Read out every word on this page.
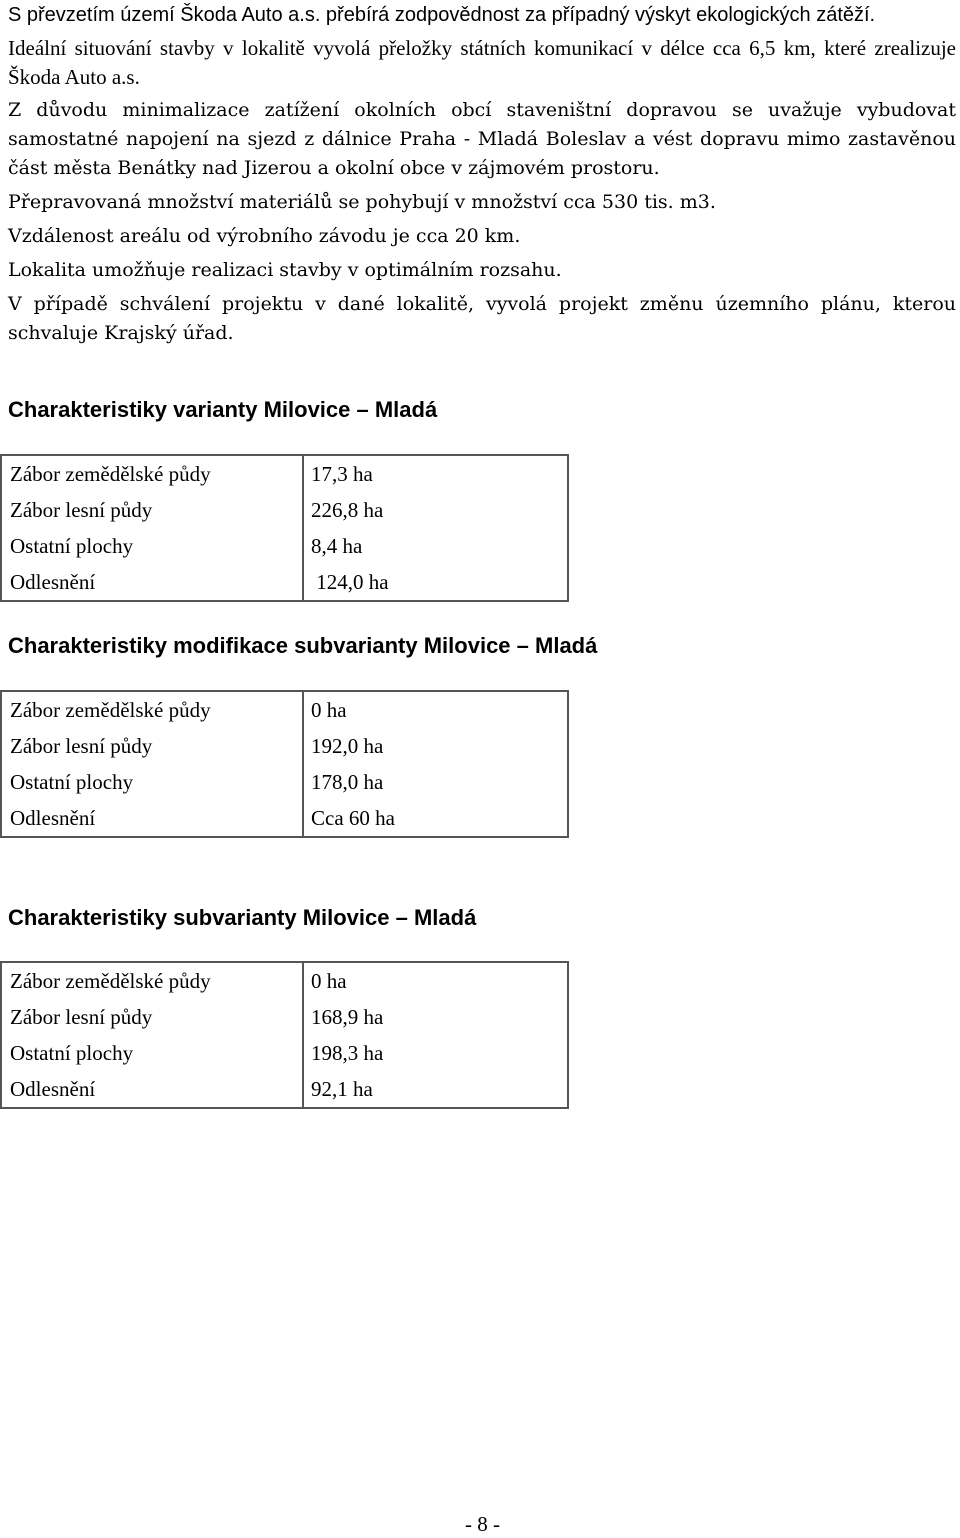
S převzetím území Škoda Auto a.s. přebírá zodpovědnost za případný výskyt ekologických zátěží.

Ideální situování stavby v lokalitě vyvolá přeložky státních komunikací v délce cca 6,5 km, které zrealizuje Škoda Auto a.s.

Z důvodu minimalizace zatížení okolních obcí staveništní dopravou se uvažuje vybudovat samostatné napojení na sjezd z dálnice Praha - Mladá Boleslav a vést dopravu mimo zastavěnou část města Benátky nad Jizerou a okolní obce v zájmovém prostoru.

Přepravovaná množství materiálů se pohybují v množství cca 530 tis. m3.

Vzdálenost areálu od výrobního závodu je cca 20 km.

Lokalita umožňuje realizaci stavby v optimálním rozsahu.

V případě schválení projektu v dané lokalitě, vyvolá projekt změnu územního plánu, kterou schvaluje Krajský úřad.

Charakteristiky varianty Milovice – Mladá
Zábor zemědělské půdy	17,3 ha
Zábor lesní půdy	226,8 ha
Ostatní plochy	8,4 ha
Odlesnění	124,0 ha
Charakteristiky modifikace subvarianty Milovice – Mladá
Zábor zemědělské půdy	0 ha
Zábor lesní půdy	192,0 ha
Ostatní plochy	178,0 ha
Odlesnění	Cca 60 ha
Charakteristiky subvarianty Milovice – Mladá
Zábor zemědělské půdy	0 ha
Zábor lesní půdy	168,9 ha
Ostatní plochy	198,3 ha
Odlesnění	92,1 ha
- 8 -
